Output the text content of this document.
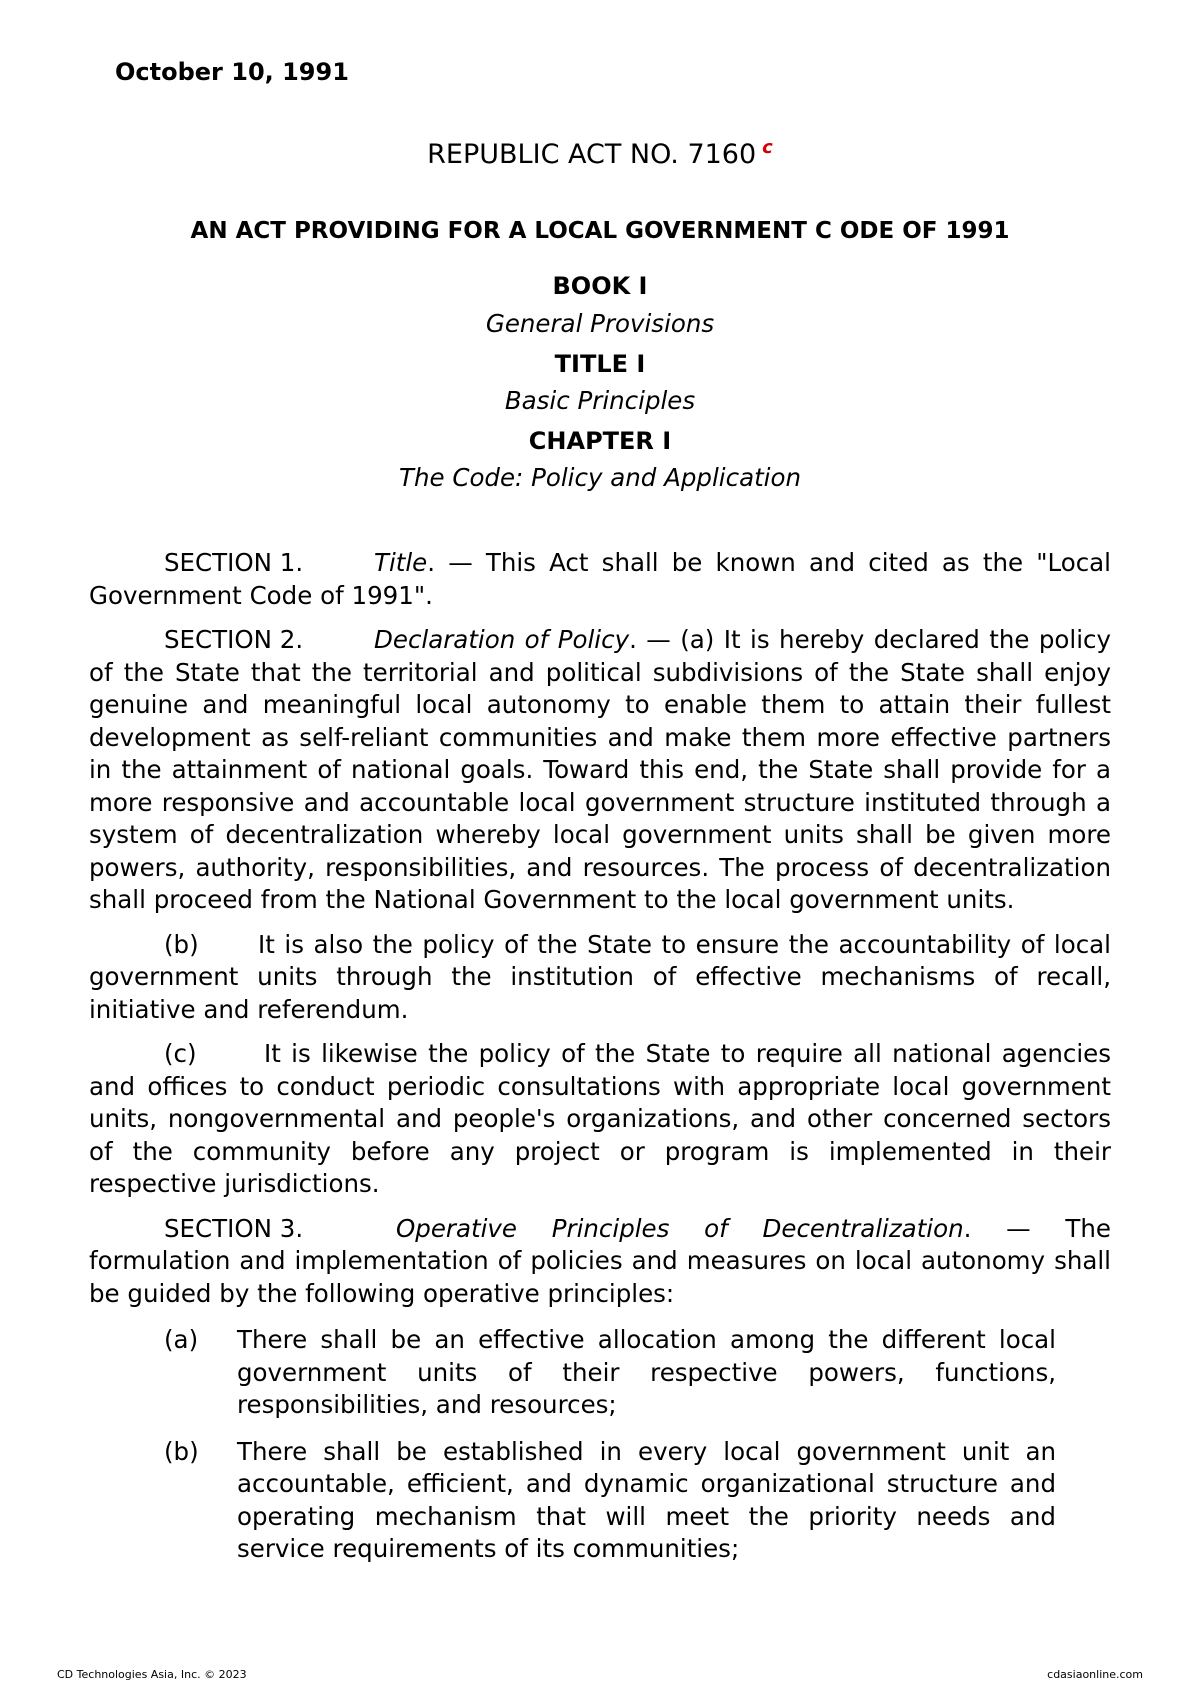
October 10, 1991
REPUBLIC ACT NO. 7160 $^c$
AN ACT PROVIDING FOR A LOCAL GOVERNMENT C ODE OF 1991
BOOK I
General Provisions
TITLE I
Basic Principles
CHAPTER I
The Code: Policy and Application

SECTION 1.	Title. — This Act shall be known and cited as the "Local Government Code of 1991".

SECTION 2.	Declaration of Policy. — (a) It is hereby declared the policy of the State that the territorial and political subdivisions of the State shall enjoy genuine and meaningful local autonomy to enable them to attain their fullest development as self-reliant communities and make them more effective partners in the attainment of national goals. Toward this end, the State shall provide for a more responsive and accountable local government structure instituted through a system of decentralization whereby local government units shall be given more powers, authority, responsibilities, and resources. The process of decentralization shall proceed from the National Government to the local government units.

(b) It is also the policy of the State to ensure the accountability of local government units through the institution of effective mechanisms of recall, initiative and referendum.

(c)	It is likewise the policy of the State to require all national agencies and offices to conduct periodic consultations with appropriate local government units, nongovernmental and people's organizations, and other concerned sectors of the community before any project or program is implemented in their respective jurisdictions.

SECTION 3.	Operative Principles of Decentralization. — The formulation and implementation of policies and measures on local autonomy shall be guided by the following operative principles:

(a) There shall be an effective allocation among the different local government units of their respective powers, functions, responsibilities, and resources;
(b) There shall be established in every local government unit an accountable, efficient, and dynamic organizational structure and operating mechanism that will meet the priority needs and service requirements of its communities;
CD Technologies Asia, Inc. © 2023	cdasiaonline.com
